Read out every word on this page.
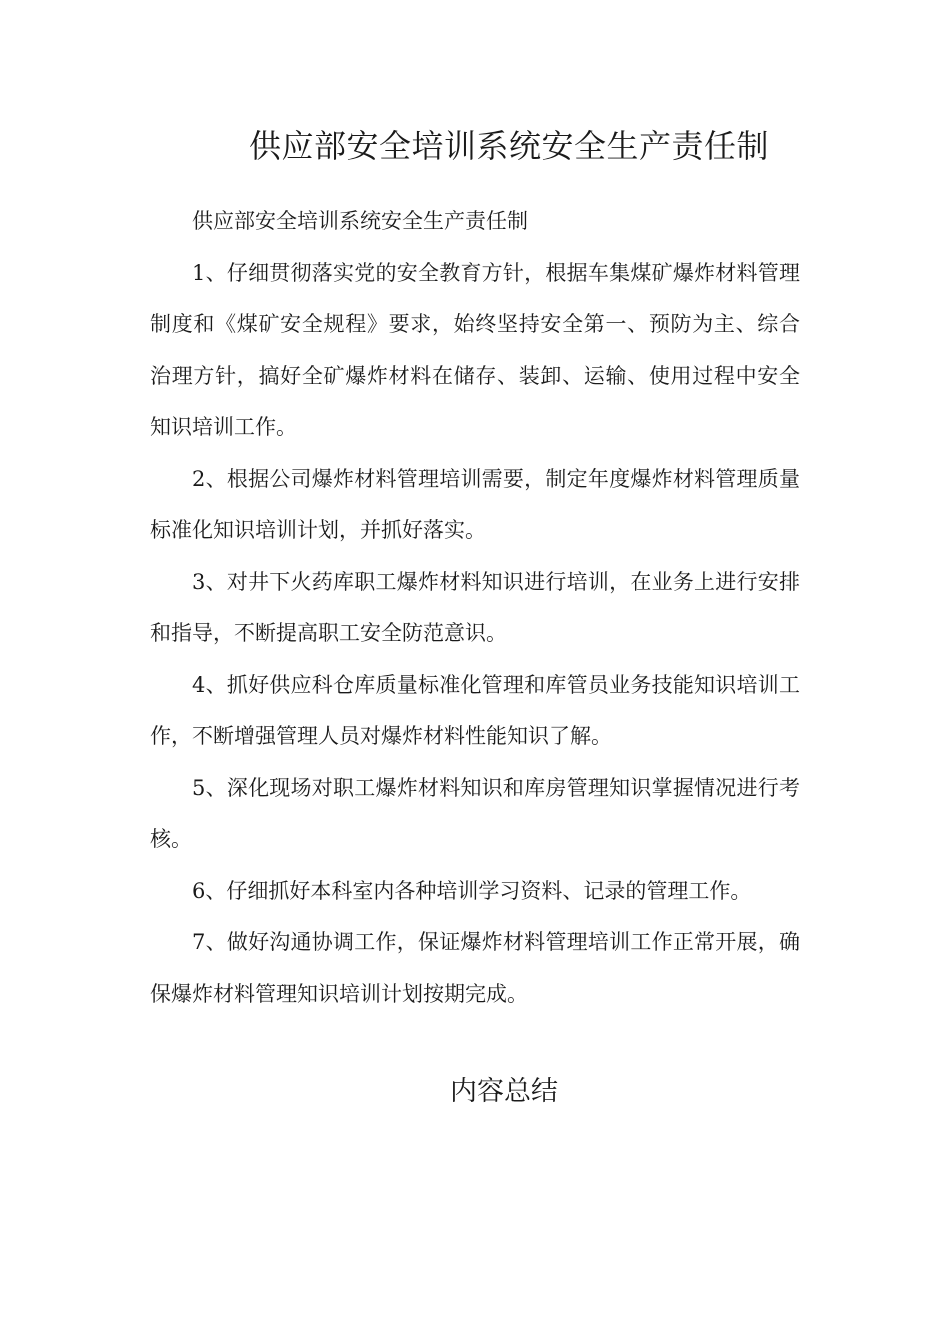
供应部安全培训系统安全生产责任制

供应部安全培训系统安全生产责任制

1、仔细贯彻落实党的安全教育方针，根据车集煤矿爆炸材料管理制度和《煤矿安全规程》要求，始终坚持安全第一、预防为主、综合治理方针，搞好全矿爆炸材料在储存、装卸、运输、使用过程中安全知识培训工作。

2、根据公司爆炸材料管理培训需要，制定年度爆炸材料管理质量标准化知识培训计划，并抓好落实。

3、对井下火药库职工爆炸材料知识进行培训，在业务上进行安排和指导，不断提高职工安全防范意识。

4、抓好供应科仓库质量标准化管理和库管员业务技能知识培训工作，不断增强管理人员对爆炸材料性能知识了解。

5、深化现场对职工爆炸材料知识和库房管理知识掌握情况进行考核。

6、仔细抓好本科室内各种培训学习资料、记录的管理工作。

7、做好沟通协调工作，保证爆炸材料管理培训工作正常开展，确保爆炸材料管理知识培训计划按期完成。

内容总结
